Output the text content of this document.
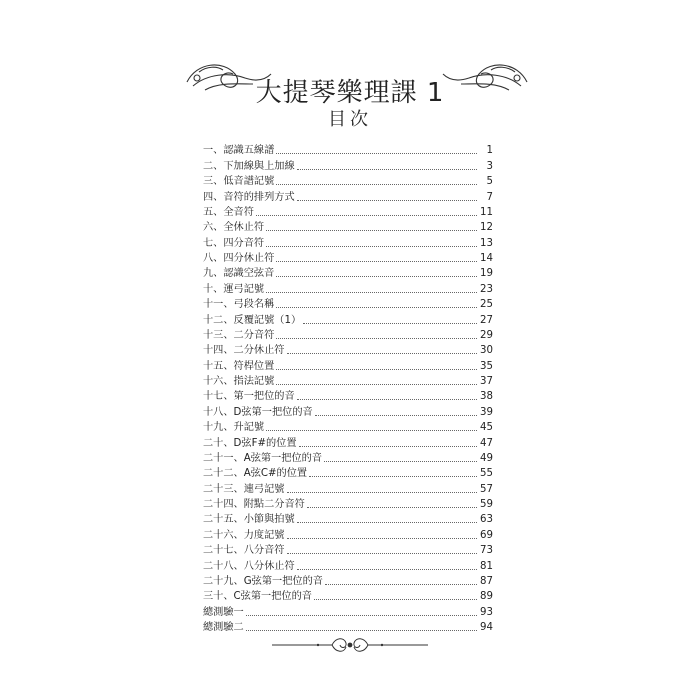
大提琴樂理課 1
目次
一、認識五線譜	1
二、下加線與上加線	3
三、低音譜記號	5
四、音符的排列方式	7
五、全音符	11
六、全休止符	12
七、四分音符	13
八、四分休止符	14
九、認識空弦音	19
十、運弓記號	23
十一、弓段名稱	25
十二、反覆記號（1）	27
十三、二分音符	29
十四、二分休止符	30
十五、符桿位置	35
十六、指法記號	37
十七、第一把位的音	38
十八、D弦第一把位的音	39
十九、升記號	45
二十、D弦F#的位置	47
二十一、A弦第一把位的音	49
二十二、A弦C#的位置	55
二十三、連弓記號	57
二十四、附點二分音符	59
二十五、小節與拍號	63
二十六、力度記號	69
二十七、八分音符	73
二十八、八分休止符	81
二十九、G弦第一把位的音	87
三十、C弦第一把位的音	89
總測驗一	93
總測驗二	94
